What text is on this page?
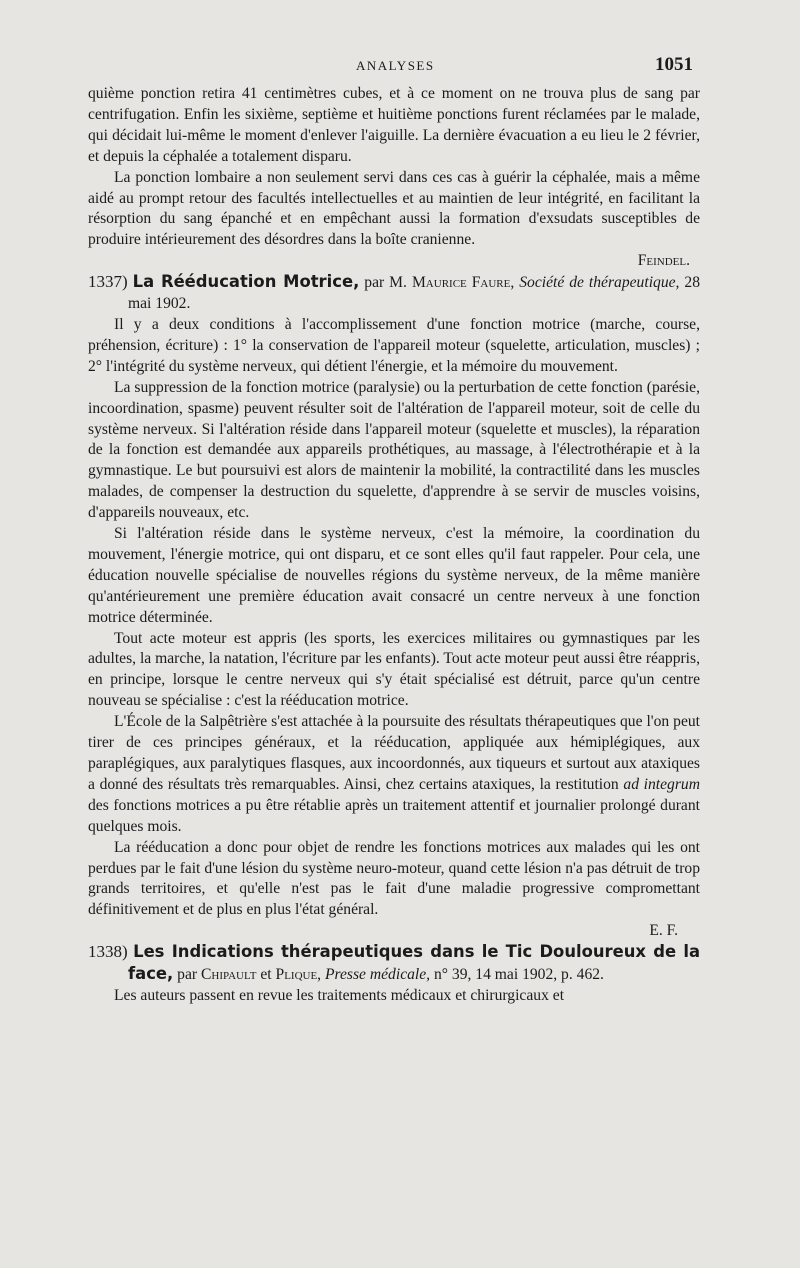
ANALYSES	1051

quième ponction retira 41 centimètres cubes, et à ce moment on ne trouva plus de sang par centrifugation. Enfin les sixième, septième et huitième ponctions furent réclamées par le malade, qui décidait lui-même le moment d'enlever l'aiguille. La dernière évacuation a eu lieu le 2 février, et depuis la céphalée a totalement disparu.

La ponction lombaire a non seulement servi dans ces cas à guérir la céphalée, mais a même aidé au prompt retour des facultés intellectuelles et au maintien de leur intégrité, en facilitant la résorption du sang épanché et en empêchant aussi la formation d'exsudats susceptibles de produire intérieurement des désordres dans la boîte cranienne.

Feindel.

1337) La Rééducation Motrice, par M. Maurice Faure, Société de thérapeutique, 28 mai 1902.

Il y a deux conditions à l'accomplissement d'une fonction motrice (marche, course, préhension, écriture) : 1° la conservation de l'appareil moteur (squelette, articulation, muscles) ; 2° l'intégrité du système nerveux, qui détient l'énergie, et la mémoire du mouvement.

La suppression de la fonction motrice (paralysie) ou la perturbation de cette fonction (parésie, incoordination, spasme) peuvent résulter soit de l'altération de l'appareil moteur, soit de celle du système nerveux. Si l'altération réside dans l'appareil moteur (squelette et muscles), la réparation de la fonction est demandée aux appareils prothétiques, au massage, à l'électrothérapie et à la gymnastique. Le but poursuivi est alors de maintenir la mobilité, la contractilité dans les muscles malades, de compenser la destruction du squelette, d'apprendre à se servir de muscles voisins, d'appareils nouveaux, etc.

Si l'altération réside dans le système nerveux, c'est la mémoire, la coordination du mouvement, l'énergie motrice, qui ont disparu, et ce sont elles qu'il faut rappeler. Pour cela, une éducation nouvelle spécialise de nouvelles régions du système nerveux, de la même manière qu'antérieurement une première éducation avait consacré un centre nerveux à une fonction motrice déterminée.

Tout acte moteur est appris (les sports, les exercices militaires ou gymnastiques par les adultes, la marche, la natation, l'écriture par les enfants). Tout acte moteur peut aussi être réappris, en principe, lorsque le centre nerveux qui s'y était spécialisé est détruit, parce qu'un centre nouveau se spécialise : c'est la rééducation motrice.

L'École de la Salpêtrière s'est attachée à la poursuite des résultats thérapeutiques que l'on peut tirer de ces principes généraux, et la rééducation, appliquée aux hémiplégiques, aux paraplégiques, aux paralytiques flasques, aux incoordonnés, aux tiqueurs et surtout aux ataxiques a donné des résultats très remarquables. Ainsi, chez certains ataxiques, la restitution ad integrum des fonctions motrices a pu être rétablie après un traitement attentif et journalier prolongé durant quelques mois.

La rééducation a donc pour objet de rendre les fonctions motrices aux malades qui les ont perdues par le fait d'une lésion du système neuro-moteur, quand cette lésion n'a pas détruit de trop grands territoires, et qu'elle n'est pas le fait d'une maladie progressive compromettant définitivement et de plus en plus l'état général.

E. F.

1338) Les Indications thérapeutiques dans le Tic Douloureux de la face, par Chipault et Plique, Presse médicale, n° 39, 14 mai 1902, p. 462.

Les auteurs passent en revue les traitements médicaux et chirurgicaux et
